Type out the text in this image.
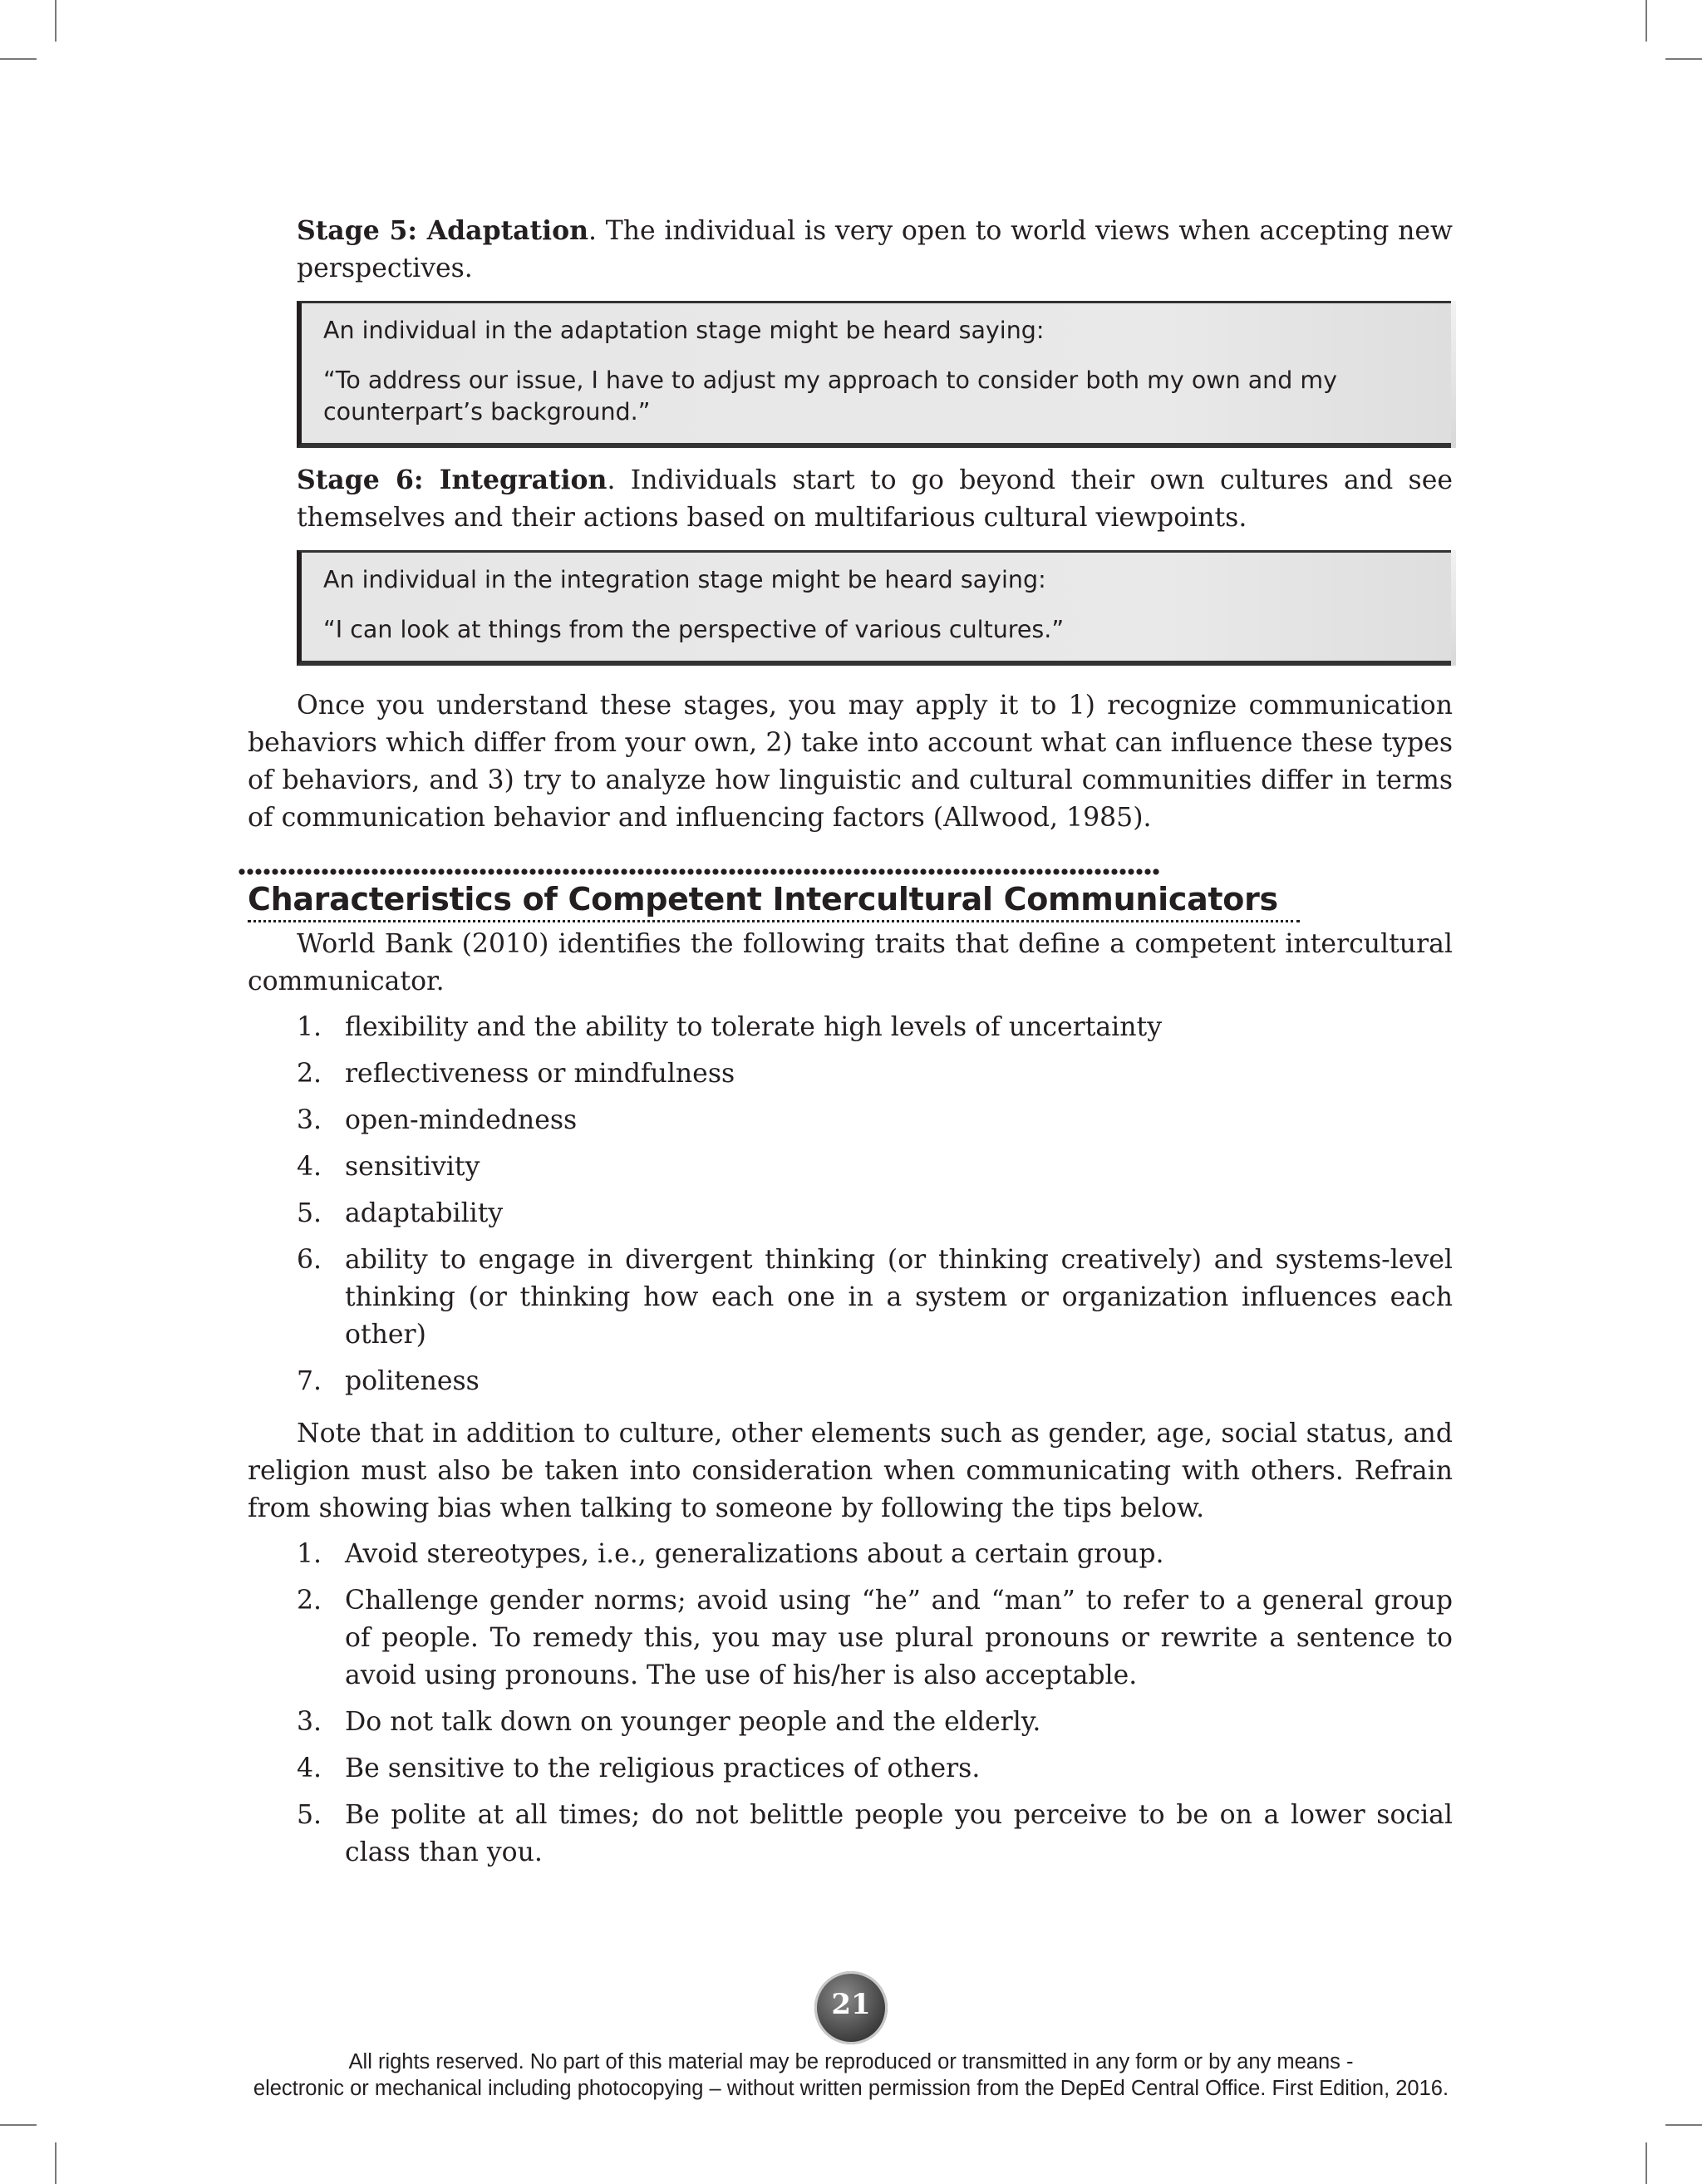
Stage 5: Adaptation. The individual is very open to world views when accepting new perspectives.

An individual in the adaptation stage might be heard saying:
“To address our issue, I have to adjust my approach to consider both my own and my
counterpart’s background.”

Stage 6: Integration. Individuals start to go beyond their own cultures and see themselves and their actions based on multifarious cultural viewpoints.

An individual in the integration stage might be heard saying:
“I can look at things from the perspective of various cultures.”

Once you understand these stages, you may apply it to 1) recognize communication behaviors which differ from your own, 2) take into account what can influence these types of behaviors, and 3) try to analyze how linguistic and cultural communities differ in terms of communication behavior and influencing factors (Allwood, 1985).

Characteristics of Competent Intercultural Communicators

World Bank (2010) identifies the following traits that define a competent intercultural communicator.

1. flexibility and the ability to tolerate high levels of uncertainty
2. reflectiveness or mindfulness
3. open-mindedness
4. sensitivity
5. adaptability
6. ability to engage in divergent thinking (or thinking creatively) and systems-level thinking (or thinking how each one in a system or organization influences each other)
7. politeness

Note that in addition to culture, other elements such as gender, age, social status, and religion must also be taken into consideration when communicating with others. Refrain from showing bias when talking to someone by following the tips below.

1. Avoid stereotypes, i.e., generalizations about a certain group.
2. Challenge gender norms; avoid using “he” and “man” to refer to a general group of people. To remedy this, you may use plural pronouns or rewrite a sentence to avoid using pronouns. The use of his/her is also acceptable.
3. Do not talk down on younger people and the elderly.
4. Be sensitive to the religious practices of others.
5. Be polite at all times; do not belittle people you perceive to be on a lower social class than you.
21
All rights reserved. No part of this material may be reproduced or transmitted in any form or by any means -
electronic or mechanical including photocopying – without written permission from the DepEd Central Office. First Edition, 2016.
